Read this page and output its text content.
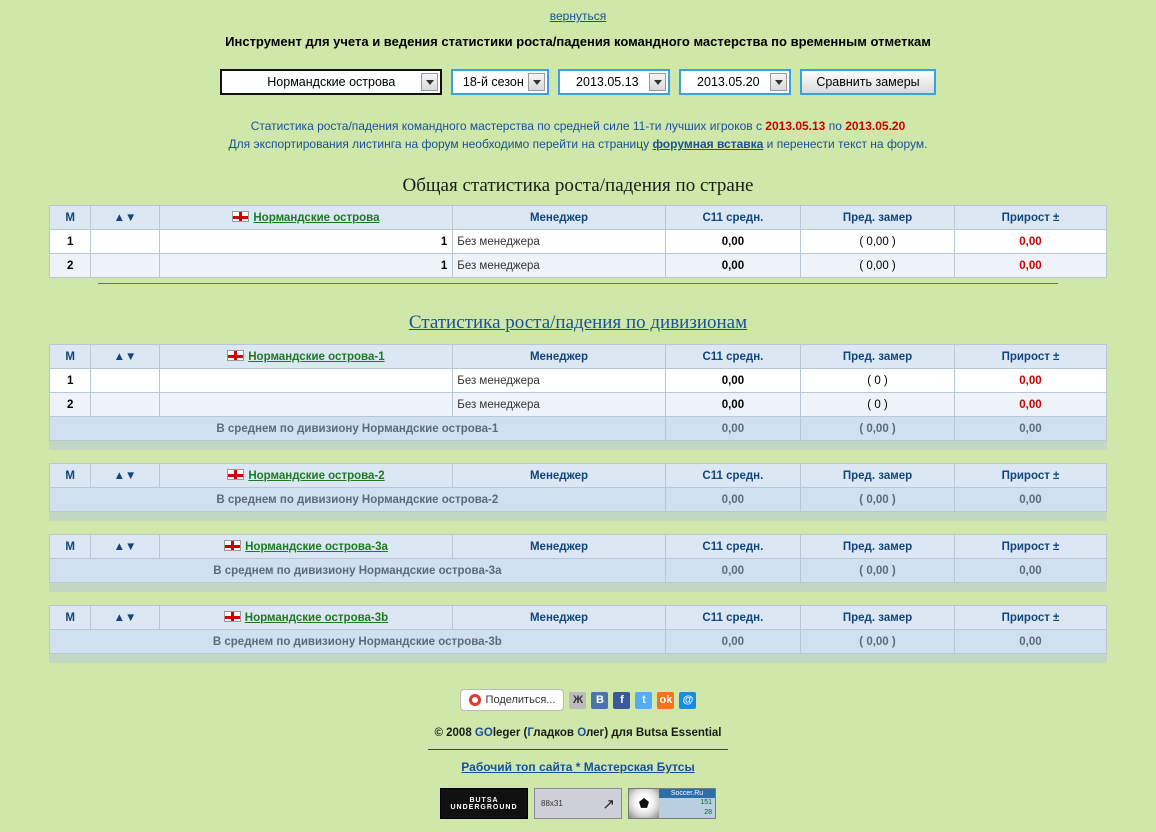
вернуться
Инструмент для учета и ведения статистики роста/падения командного мастерства по временным отметкам
Нормандские острова	18-й сезон	2013.05.13	2013.05.20	Сравнить замеры
Статистика роста/падения командного мастерства по средней силе 11-ти лучших игроков с 2013.05.13 по 2013.05.20
Для экспортирования листинга на форум необходимо перейти на страницу форумная вставка и перенести текст на форум.
Общая статистика роста/падения по стране
М	▲▼	Нормандские острова	Менеджер	С11 средн.	Пред. замер	Прирост ±
1		1	Без менеджера	0,00	( 0,00 )	0,00
2		1	Без менеджера	0,00	( 0,00 )	0,00
Статистика роста/падения по дивизионам
М	▲▼	Нормандские острова-1	Менеджер	С11 средн.	Пред. замер	Прирост ±
1			Без менеджера	0,00	( 0 )	0,00
2			Без менеджера	0,00	( 0 )	0,00
В среднем по дивизиону Нормандские острова-1				0,00	( 0,00 )	0,00
М	▲▼	Нормандские острова-2	Менеджер	С11 средн.	Пред. замер	Прирост ±
В среднем по дивизиону Нормандские острова-2				0,00	( 0,00 )	0,00
М	▲▼	Нормандские острова-3a	Менеджер	С11 средн.	Пред. замер	Прирост ±
В среднем по дивизиону Нормандские острова-3a				0,00	( 0,00 )	0,00
М	▲▼	Нормандские острова-3b	Менеджер	С11 средн.	Пред. замер	Прирост ±
В среднем по дивизиону Нормандские острова-3b				0,00	( 0,00 )	0,00
Поделиться...	Ж	В	f	t	ok @
© 2008 GOleger (Гладков Олег) для Butsa Essential
Рабочий топ сайта * Мастерская Бутсы
BUTSA
UNDERGROUND	88x31	↗
Soccer.Ru
151
28
